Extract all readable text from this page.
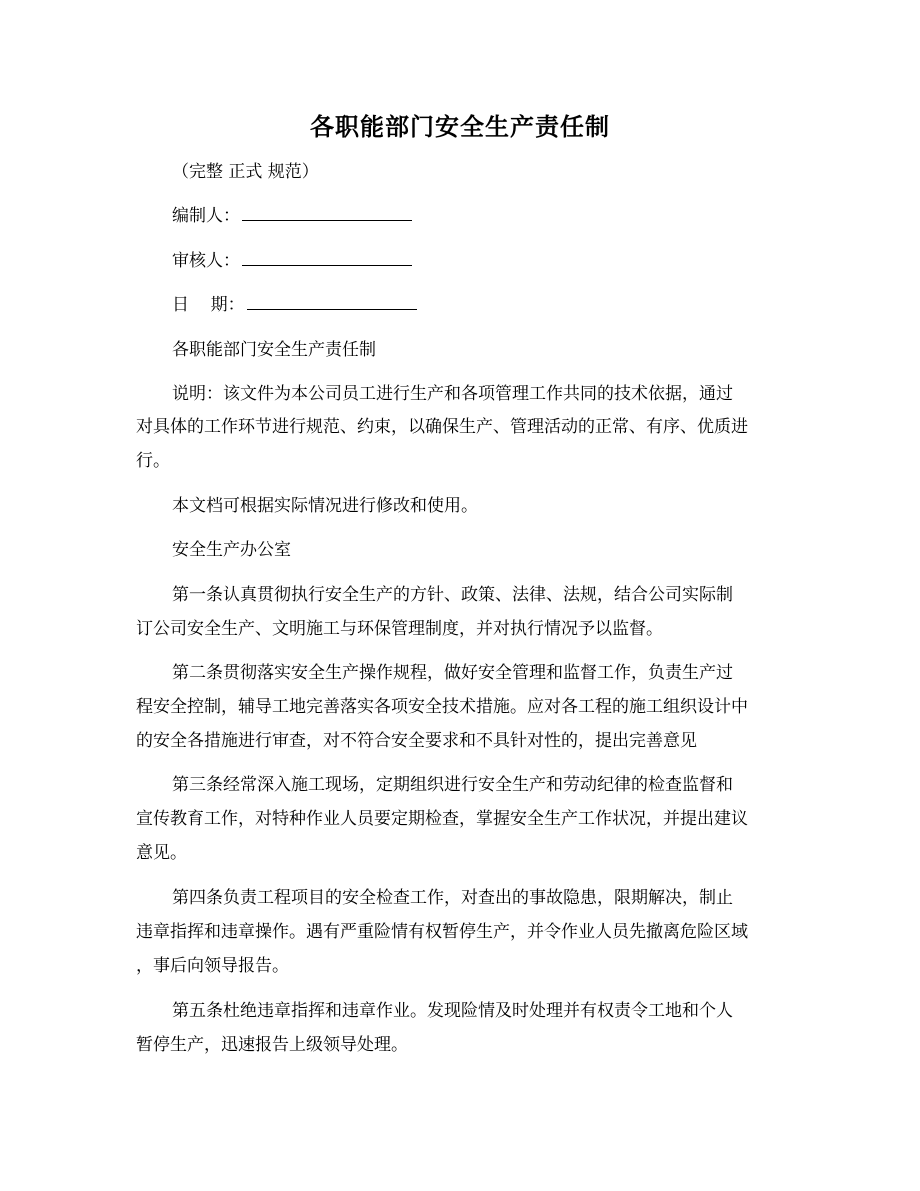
各职能部门安全生产责任制
（完整 正式 规范）
编制人：
审核人：
日    期：
各职能部门安全生产责任制
说明：该文件为本公司员工进行生产和各项管理工作共同的技术依据，通过
对具体的工作环节进行规范、约束，以确保生产、管理活动的正常、有序、优质进
行。
本文档可根据实际情况进行修改和使用。
安全生产办公室
第一条认真贯彻执行安全生产的方针、政策、法律、法规，结合公司实际制
订公司安全生产、文明施工与环保管理制度，并对执行情况予以监督。
第二条贯彻落实安全生产操作规程，做好安全管理和监督工作，负责生产过
程安全控制，辅导工地完善落实各项安全技术措施。应对各工程的施工组织设计中
的安全各措施进行审查，对不符合安全要求和不具针对性的，提出完善意见
第三条经常深入施工现场，定期组织进行安全生产和劳动纪律的检查监督和
宣传教育工作，对特种作业人员要定期检查，掌握安全生产工作状况，并提出建议
意见。
第四条负责工程项目的安全检查工作，对查出的事故隐患，限期解决，制止
违章指挥和违章操作。遇有严重险情有权暂停生产，并令作业人员先撤离危险区域
，事后向领导报告。
第五条杜绝违章指挥和违章作业。发现险情及时处理并有权责令工地和个人
暂停生产，迅速报告上级领导处理。
